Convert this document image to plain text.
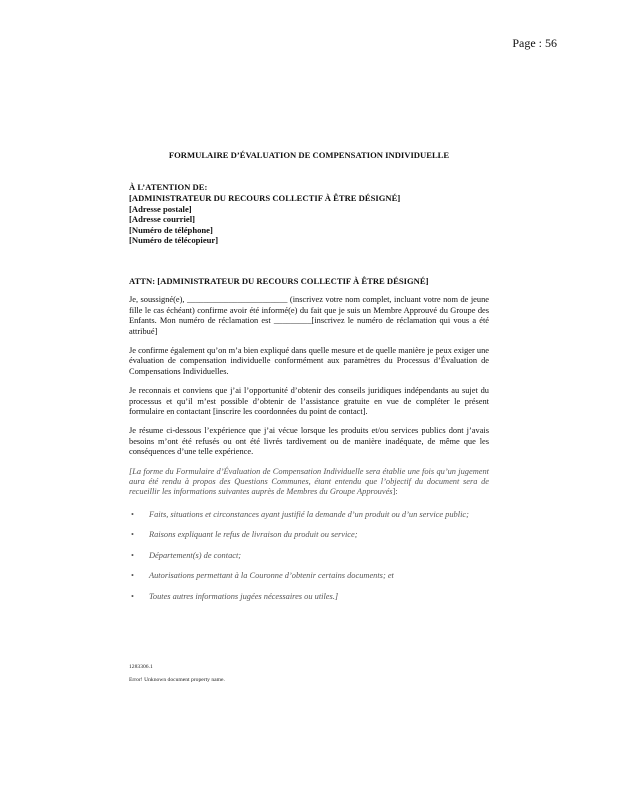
Page : 56
FORMULAIRE D’ÉVALUATION DE COMPENSATION INDIVIDUELLE
À L’ATENTION DE:
[ADMINISTRATEUR DU RECOURS COLLECTIF À ÊTRE DÉSIGNÉ]
[Adresse postale]
[Adresse courriel]
[Numéro de téléphone]
[Numéro de télécopieur]
ATTN: [ADMINISTRATEUR DU RECOURS COLLECTIF À ÊTRE DÉSIGNÉ]

Je, soussigné(e), ________________________ (inscrivez votre nom complet, incluant votre nom de jeune fille le cas échéant) confirme avoir été informé(e) du fait que je suis un Membre Approuvé du Groupe des Enfants. Mon numéro de réclamation est _________[inscrivez le numéro de réclamation qui vous a été attribué]

Je confirme également qu’on m’a bien expliqué dans quelle mesure et de quelle manière je peux exiger une évaluation de compensation individuelle conformément aux paramètres du Processus d’Évaluation de Compensations Individuelles.

Je reconnais et conviens que j’ai l’opportunité d’obtenir des conseils juridiques indépendants au sujet du processus et qu’il m’est possible d’obtenir de l’assistance gratuite en vue de compléter le présent formulaire en contactant [inscrire les coordonnées du point de contact].

Je résume ci-dessous l’expérience que j’ai vécue lorsque les produits et/ou services publics dont j’avais besoins m’ont été refusés ou ont été livrés tardivement ou de manière inadéquate, de même que les conséquences d’une telle expérience.

[La forme du Formulaire d’Évaluation de Compensation Individuelle sera établie une fois qu’un jugement aura été rendu à propos des Questions Communes, étant entendu que l’objectif du document sera de recueillir les informations suivantes auprès de Membres du Groupe Approuvés]:

• Faits, situations et circonstances ayant justifié la demande d’un produit ou d’un service public;
• Raisons expliquant le refus de livraison du produit ou service;
• Département(s) de contact;
• Autorisations permettant à la Couronne d’obtenir certains documents; et
• Toutes autres informations jugées nécessaires ou utiles.]
1283306.1
Error! Unknown document property name.
